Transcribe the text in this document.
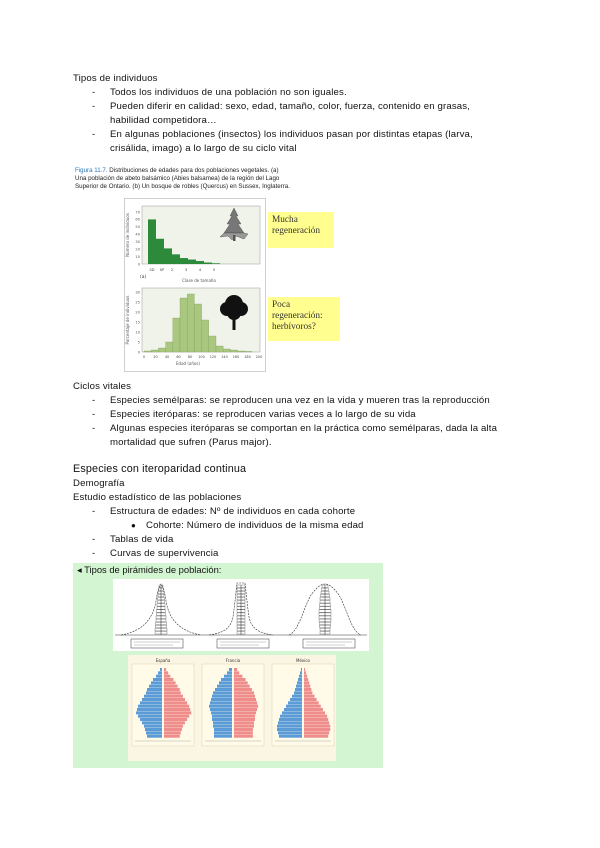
Tipos de individuos
- Todos los individuos de una población no son iguales.
- Pueden diferir en calidad: sexo, edad, tamaño, color, fuerza, contenido en grasas,
habilidad competidora…
- En algunas poblaciones (insectos) los individuos pasan por distintas etapas (larva,
crisálida, imago) a lo largo de su ciclo vital
Figura 11.7. Distribuciones de edades para dos poblaciones vegetales. (a)
Una población de abeto balsámico (Abies balsamea) de la región del Lago
Superior de Ontario. (b) Un bosque de robles (Quercus) en Sussex, Inglaterra.
0
10
20
30
40
50
60
70
SD SP 2	3	4	5
Número de individuos
Clase de tamaño
(a)
0
5
10
15
20
25
30
0 20 40 60 80 100 120 140 160 180 200
Porcentaje de individuos
Edad (años)
Mucha
regeneración
Poca
regeneración:
herbívoros?
Ciclos vitales
- Especies semélparas: se reproducen una vez en la vida y mueren tras la reproducción
- Especies iteróparas: se reproducen varias veces a lo largo de su vida
- Algunas especies iteróparas se comportan en la práctica como semélparas, dada la alta
mortalidad que sufren (Parus major).
Especies con iteroparidad continua
Demografía
Estudio estadístico de las poblaciones
- Estructura de edades: Nº de individuos en cada cohorte
● Cohorte: Número de individuos de la misma edad
- Tablas de vida
- Curvas de supervivencia
◂ Tipos de pirámides de población:
España	Francia	México
